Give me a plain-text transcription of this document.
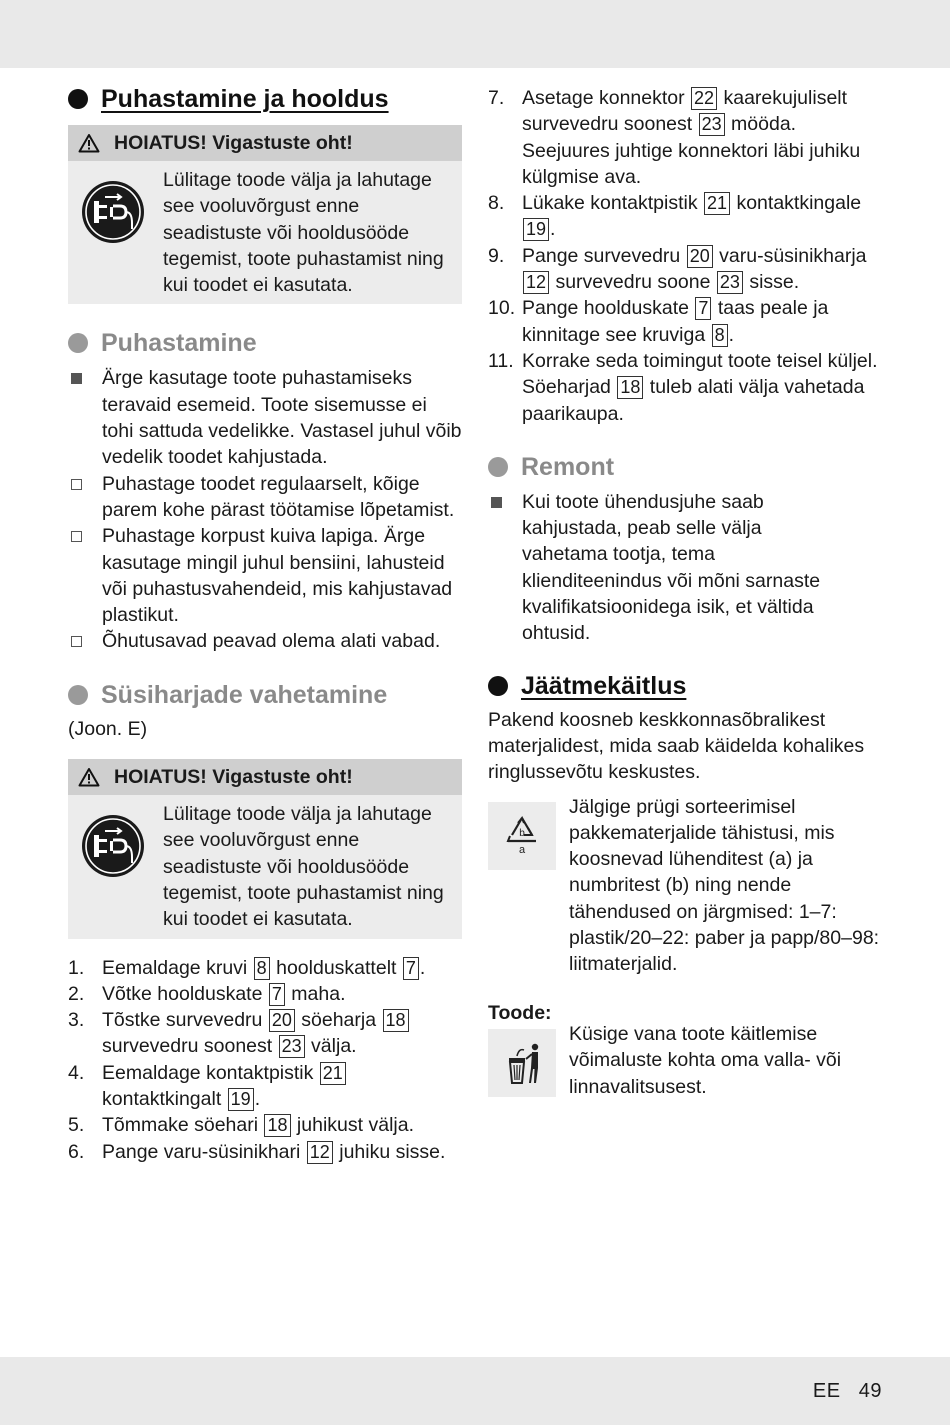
Puhastamine ja hooldus
HOIATUS! Vigastuste oht!
Lülitage toode välja ja lahutage see vooluvõrgust enne seadistuste või hooldusööde tegemist, toote puhastamist ning kui toodet ei kasutata.
Puhastamine
Ärge kasutage toote puhastamiseks teravaid esemeid. Toote sisemusse ei tohi sattuda vedelikke. Vastasel juhul võib vedelik toodet kahjustada.
Puhastage toodet regulaarselt, kõige parem kohe pärast töötamise lõpetamist.
Puhastage korpust kuiva lapiga. Ärge kasutage mingil juhul bensiini, lahusteid või puhastusvahendeid, mis kahjustavad plastikut.
Õhutusavad peavad olema alati vabad.
Süsiharjade vahetamine
(Joon. E)
HOIATUS! Vigastuste oht!
Lülitage toode välja ja lahutage see vooluvõrgust enne seadistuste või hooldusööde tegemist, toote puhastamist ning kui toodet ei kasutata.
1. Eemaldage kruvi 8 hoolduskattelt 7 .
2. Võtke hoolduskate 7 maha.
3. Tõstke survevedru 20 söeharja 18 survevedru soonest 23 välja.
4. Eemaldage kontaktpistik 21 kontaktkingalt 19 .
5. Tõmmake söehari 18 juhikust välja.
6. Pange varu-süsinikhari 12 juhiku sisse.
7. Asetage konnektor 22 kaarekujuliselt survevedru soonest 23 mööda. Seejuures juhtige konnektori läbi juhiku külgmise ava.
8. Lükake kontaktpistik 21 kontaktkingale 19 .
9. Pange survevedru 20 varu-süsinikharja 12 survevedru soone 23 sisse.
10. Pange hoolduskate 7 taas peale ja kinnitage see kruviga 8 .
11. Korrake seda toimingut toote teisel küljel. Söeharjad 18 tuleb alati välja vahetada paarikaupa.
Remont
Kui toote ühendusjuhe saab kahjustada, peab selle välja vahetama tootja, tema klienditeenindus või mõni sarnaste kvalifikatsioonidega isik, et vältida ohtusid.
Jäätmekäitlus
Pakend koosneb keskkonnasõbralikest materjalidest, mida saab käidelda kohalikes ringlussevõtu keskustes.
b
a
Jälgige prügi sorteerimisel pakkematerjalide tähistusi, mis koosnevad lühenditest (a) ja numbritest (b) ning nende tähendused on järgmised: 1–7: plastik/20–22: paber ja papp/80–98: liitmaterjalid.
Toode:
Küsige vana toote käitlemise võimaluste kohta oma valla- või linnavalitsusest.
EE 49
